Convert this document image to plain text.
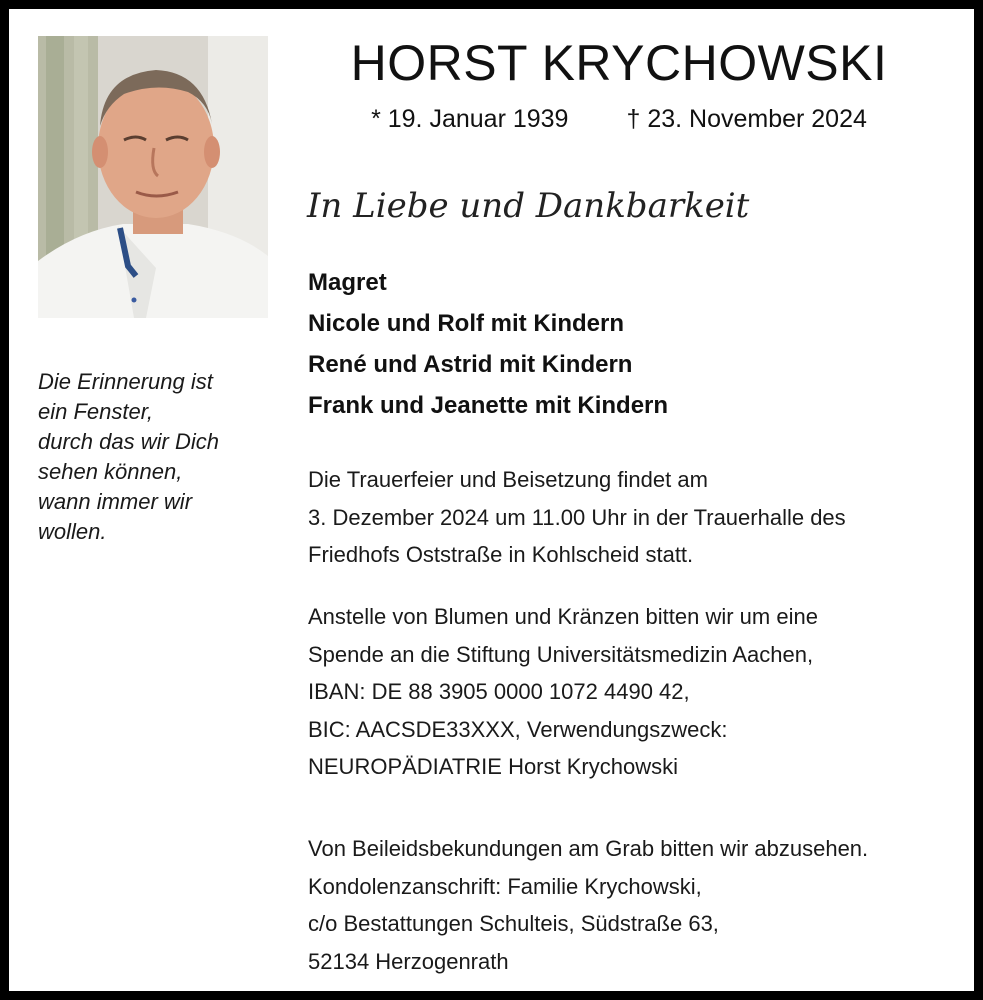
Die Erinnerung ist
ein Fenster,
durch das wir Dich
sehen können,
wann immer wir
wollen.
HORST KRYCHOWSKI
* 19. Januar 1939 † 23. November 2024
In Liebe und Dankbarkeit
Magret
Nicole und Rolf mit Kindern
René und Astrid mit Kindern
Frank und Jeanette mit Kindern
Die Trauerfeier und Beisetzung findet am
3. Dezember 2024 um 11.00 Uhr in der Trauerhalle des
Friedhofs Oststraße in Kohlscheid statt.
Anstelle von Blumen und Kränzen bitten wir um eine
Spende an die Stiftung Universitätsmedizin Aachen,
IBAN: DE 88 3905 0000 1072 4490 42,
BIC: AACSDE33XXX, Verwendungszweck:
NEUROPÄDIATRIE Horst Krychowski
Von Beileidsbekundungen am Grab bitten wir abzusehen.
Kondolenzanschrift: Familie Krychowski,
c/o Bestattungen Schulteis, Südstraße 63,
52134 Herzogenrath
